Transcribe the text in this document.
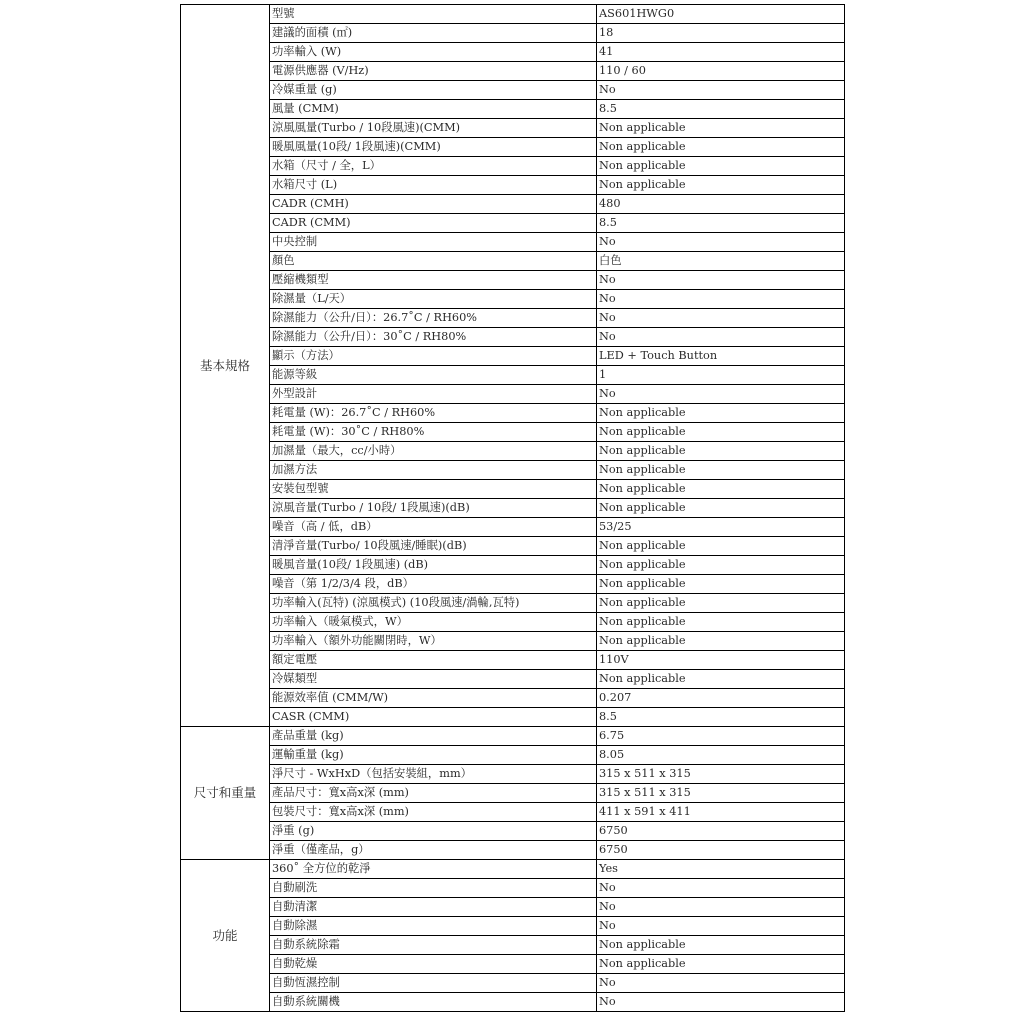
基本規格	型號	AS601HWG0
	建議的面積 (㎡)	18
	功率輸入 (W)	41
	電源供應器 (V/Hz)	110 / 60
	冷媒重量 (g)	No
	風量 (CMM)	8.5
	涼風風量(Turbo / 10段風速)(CMM)	Non applicable
	暖風風量(10段/ 1段風速)(CMM)	Non applicable
	水箱（尺寸 / 全，L）	Non applicable
	水箱尺寸 (L)	Non applicable
	CADR (CMH)	480
	CADR (CMM)	8.5
	中央控制	No
	顏色	白色
	壓縮機類型	No
	除濕量（L/天）	No
	除濕能力（公升/日）：26.7˚C / RH60%	No
	除濕能力（公升/日）：30˚C / RH80%	No
	顯示（方法）	LED + Touch Button
	能源等級	1
	外型設計	No
	耗電量 (W)：26.7˚C / RH60%	Non applicable
	耗電量 (W)：30˚C / RH80%	Non applicable
	加濕量（最大，cc/小時）	Non applicable
	加濕方法	Non applicable
	安裝包型號	Non applicable
	涼風音量(Turbo / 10段/ 1段風速)(dB)	Non applicable
	噪音（高 / 低，dB）	53/25
	清淨音量(Turbo/ 10段風速/睡眠)(dB)	Non applicable
	暖風音量(10段/ 1段風速) (dB)	Non applicable
	噪音（第 1/2/3/4 段，dB）	Non applicable
	功率輸入(瓦特) (涼風模式) (10段風速/渦輪,瓦特)	Non applicable
	功率輸入（暖氣模式，W）	Non applicable
	功率輸入（額外功能關閉時，W）	Non applicable
	額定電壓	110V
	冷媒類型	Non applicable
	能源效率值 (CMM/W)	0.207
	CASR (CMM)	8.5
尺寸和重量	產品重量 (kg)	6.75
	運輸重量 (kg)	8.05
	淨尺寸 - WxHxD（包括安裝組，mm）	315 x 511 x 315
	產品尺寸：寬x高x深 (mm)	315 x 511 x 315
	包裝尺寸：寬x高x深 (mm)	411 x 591 x 411
	淨重 (g)	6750
	淨重（僅產品，g）	6750
功能	360˚ 全方位的乾淨	Yes
	自動刷洗	No
	自動清潔	No
	自動除濕	No
	自動系統除霜	Non applicable
	自動乾燥	Non applicable
	自動恆濕控制	No
	自動系統關機	No
